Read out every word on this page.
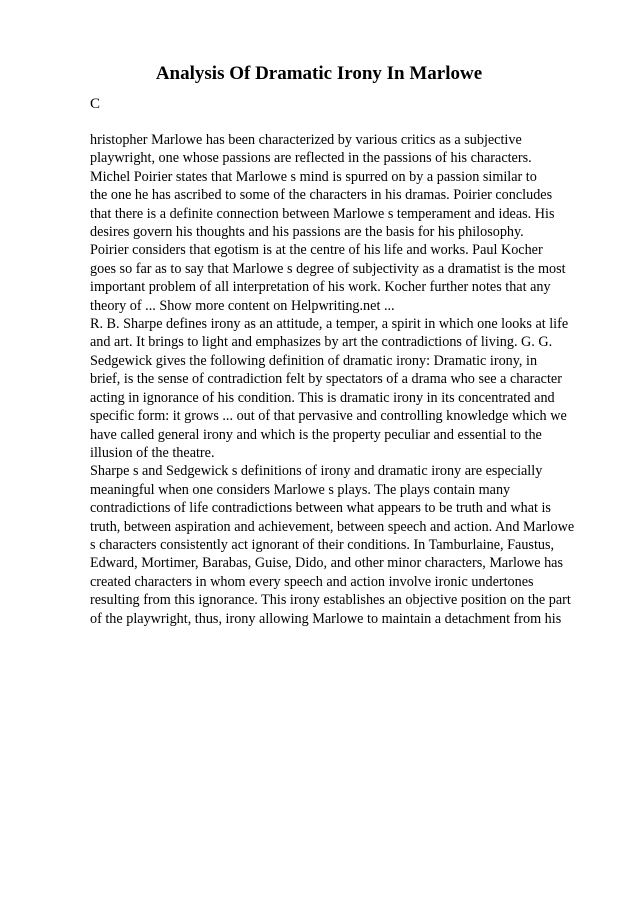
Analysis Of Dramatic Irony In Marlowe
C
hristopher Marlowe has been characterized by various critics as a subjective
playwright, one whose passions are reflected in the passions of his characters.
Michel Poirier states that Marlowe s mind is spurred on by a passion similar to
the one he has ascribed to some of the characters in his dramas. Poirier concludes
that there is a definite connection between Marlowe s temperament and ideas. His
desires govern his thoughts and his passions are the basis for his philosophy.
Poirier considers that egotism is at the centre of his life and works. Paul Kocher
goes so far as to say that Marlowe s degree of subjectivity as a dramatist is the most
important problem of all interpretation of his work. Kocher further notes that any
theory of ... Show more content on Helpwriting.net ...
R. B. Sharpe defines irony as an attitude, a temper, a spirit in which one looks at life
and art. It brings to light and emphasizes by art the contradictions of living. G. G.
Sedgewick gives the following definition of dramatic irony: Dramatic irony, in
brief, is the sense of contradiction felt by spectators of a drama who see a character
acting in ignorance of his condition. This is dramatic irony in its concentrated and
specific form: it grows ... out of that pervasive and controlling knowledge which we
have called general irony and which is the property peculiar and essential to the
illusion of the theatre.
Sharpe s and Sedgewick s definitions of irony and dramatic irony are especially
meaningful when one considers Marlowe s plays. The plays contain many
contradictions of life contradictions between what appears to be truth and what is
truth, between aspiration and achievement, between speech and action. And Marlowe
s characters consistently act ignorant of their conditions. In Tamburlaine, Faustus,
Edward, Mortimer, Barabas, Guise, Dido, and other minor characters, Marlowe has
created characters in whom every speech and action involve ironic undertones
resulting from this ignorance. This irony establishes an objective position on the part
of the playwright, thus, irony allowing Marlowe to maintain a detachment from his
